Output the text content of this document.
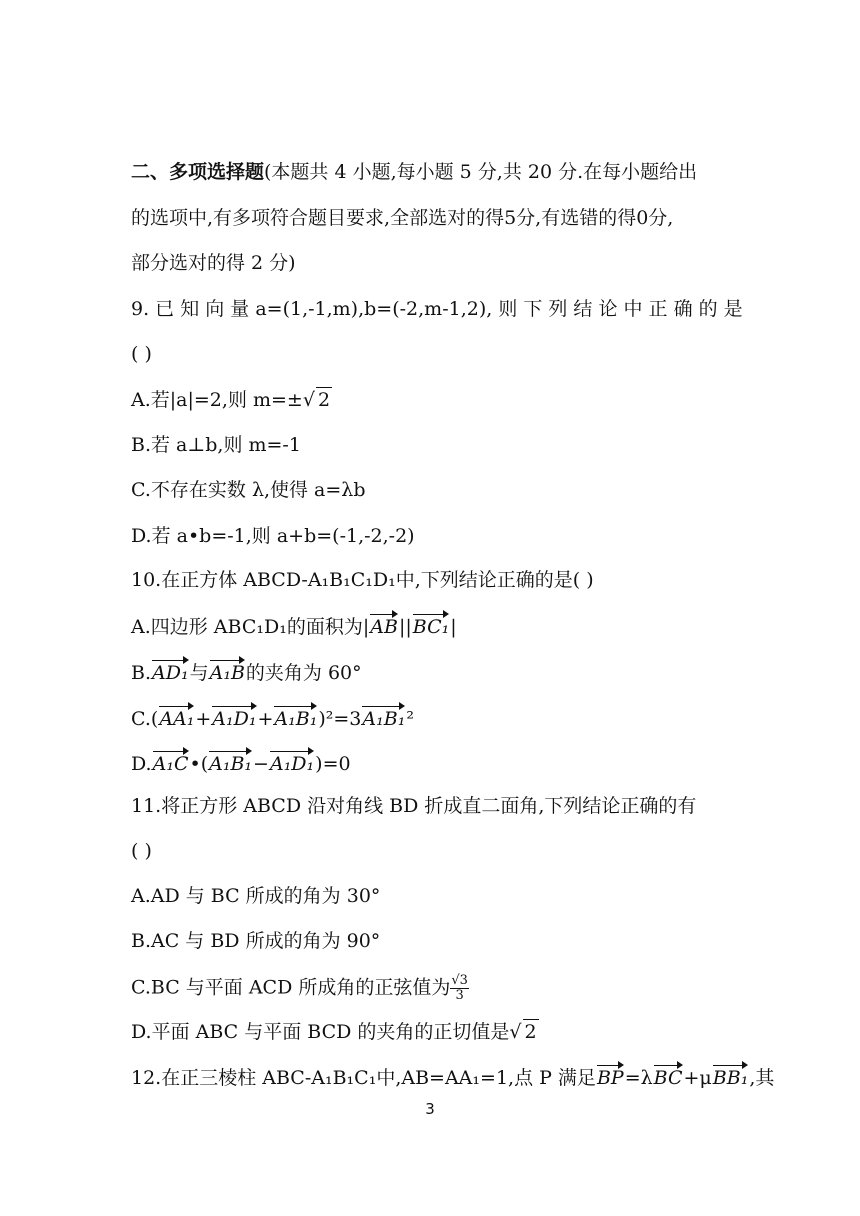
二、多项选择题(本题共 4 小题,每小题 5 分,共 20 分.在每小题给出
的选项中,有多项符合题目要求,全部选对的得5分,有选错的得0分,
部分选对的得 2 分)
9. 已 知 向 量 a=(1,-1,m),b=(-2,m-1,2), 则 下 列 结 论 中 正 确 的 是
( )
A.若|a|=2,则 m=±√ 2
B.若 a⊥b,则 m=-1
C.不存在实数 λ,使得 a=λb
D.若 a•b=-1,则 a+b=(-1,-2,-2)
10.在正方体 ABCD-A₁B₁C₁D₁中,下列结论正确的是( )
A.四边形 ABC₁D₁的面积为|AB||BC₁|
B.AD₁与A₁B的夹角为 60°
C.(AA₁+A₁D₁+A₁B₁)²=3A₁B₁²
D.A₁C•(A₁B₁−A₁D₁)=0
11.将正方形 ABCD 沿对角线 BD 折成直二面角,下列结论正确的有
( )
A.AD 与 BC 所成的角为 30°
B.AC 与 BD 所成的角为 90°
C.BC 与平面 ACD 所成角的正弦值为 $\frac{√3}{3}$
D.平面 ABC 与平面 BCD 的夹角的正切值是√ 2
12.在正三棱柱 ABC-A₁B₁C₁中,AB=AA₁=1,点 P 满足BP=λBC+μBB₁,其
3
